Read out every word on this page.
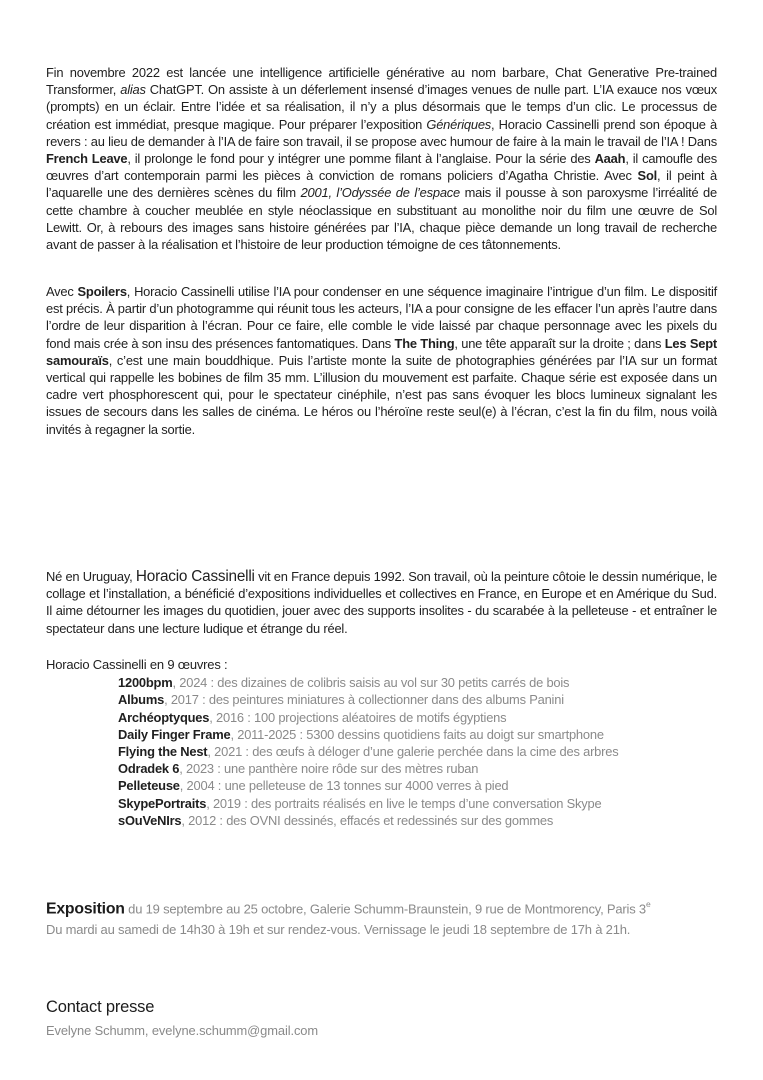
Fin novembre 2022 est lancée une intelligence artificielle générative au nom barbare, Chat Generative Pre-trained Transformer, alias ChatGPT. On assiste à un déferlement insensé d’images venues de nulle part. L’IA exauce nos vœux (prompts) en un éclair. Entre l’idée et sa réalisation, il n’y a plus désormais que le temps d’un clic. Le processus de création est immédiat, presque magique. Pour préparer l’exposition Génériques, Horacio Cassinelli prend son époque à revers : au lieu de demander à l’IA de faire son travail, il se propose avec humour de faire à la main le travail de l’IA ! Dans French Leave, il prolonge le fond pour y intégrer une pomme filant à l’anglaise. Pour la série des Aaah, il camoufle des œuvres d’art contemporain parmi les pièces à conviction de romans policiers d’Agatha Christie. Avec Sol, il peint à l’aquarelle une des dernières scènes du film 2001, l’Odyssée de l’espace mais il pousse à son paroxysme l’irréalité de cette chambre à coucher meublée en style néoclassique en substituant au monolithe noir du film une œuvre de Sol Lewitt. Or, à rebours des images sans histoire générées par l’IA, chaque pièce demande un long travail de recherche avant de passer à la réalisation et l’histoire de leur production témoigne de ces tâtonnements.
Avec Spoilers, Horacio Cassinelli utilise l’IA pour condenser en une séquence imaginaire l’intrigue d’un film. Le dispositif est précis. À partir d’un photogramme qui réunit tous les acteurs, l’IA a pour consigne de les effacer l’un après l’autre dans l’ordre de leur disparition à l’écran. Pour ce faire, elle comble le vide laissé par chaque personnage avec les pixels du fond mais crée à son insu des présences fantomatiques. Dans The Thing, une tête apparaît sur la droite ; dans Les Sept samouraïs, c’est une main bouddhique. Puis l’artiste monte la suite de photographies générées par l’IA sur un format vertical qui rappelle les bobines de film 35 mm. L’illusion du mouvement est parfaite. Chaque série est exposée dans un cadre vert phosphorescent qui, pour le spectateur cinéphile, n’est pas sans évoquer les blocs lumineux signalant les issues de secours dans les salles de cinéma. Le héros ou l’héroïne reste seul(e) à l’écran, c’est la fin du film, nous voilà invités à regagner la sortie.
Né en Uruguay, Horacio Cassinelli vit en France depuis 1992. Son travail, où la peinture côtoie le dessin numérique, le collage et l’installation, a bénéficié d’expositions individuelles et collectives en France, en Europe et en Amérique du Sud. Il aime détourner les images du quotidien, jouer avec des supports insolites - du scarabée à la pelleteuse - et entraîner le spectateur dans une lecture ludique et étrange du réel.
Horacio Cassinelli en 9 œuvres :
1200bpm, 2024 : des dizaines de colibris saisis au vol sur 30 petits carrés de bois
Albums, 2017 : des peintures miniatures à collectionner dans des albums Panini
Archéoptyques, 2016 : 100 projections aléatoires de motifs égyptiens
Daily Finger Frame, 2011-2025 : 5300 dessins quotidiens faits au doigt sur smartphone
Flying the Nest, 2021 : des œufs à déloger d’une galerie perchée dans la cime des arbres
Odradek 6, 2023 : une panthère noire rôde sur des mètres ruban
Pelleteuse, 2004 : une pelleteuse de 13 tonnes sur 4000 verres à pied
SkypePortraits, 2019 : des portraits réalisés en live le temps d’une conversation Skype
sOuVeNIrs, 2012 : des OVNI dessinés, effacés et redessinés sur des gommes
Exposition du 19 septembre au 25 octobre, Galerie Schumm-Braunstein, 9 rue de Montmorency, Paris 3e
Du mardi au samedi de 14h30 à 19h et sur rendez-vous. Vernissage le jeudi 18 septembre de 17h à 21h.
Contact presse
Evelyne Schumm, evelyne.schumm@gmail.com
